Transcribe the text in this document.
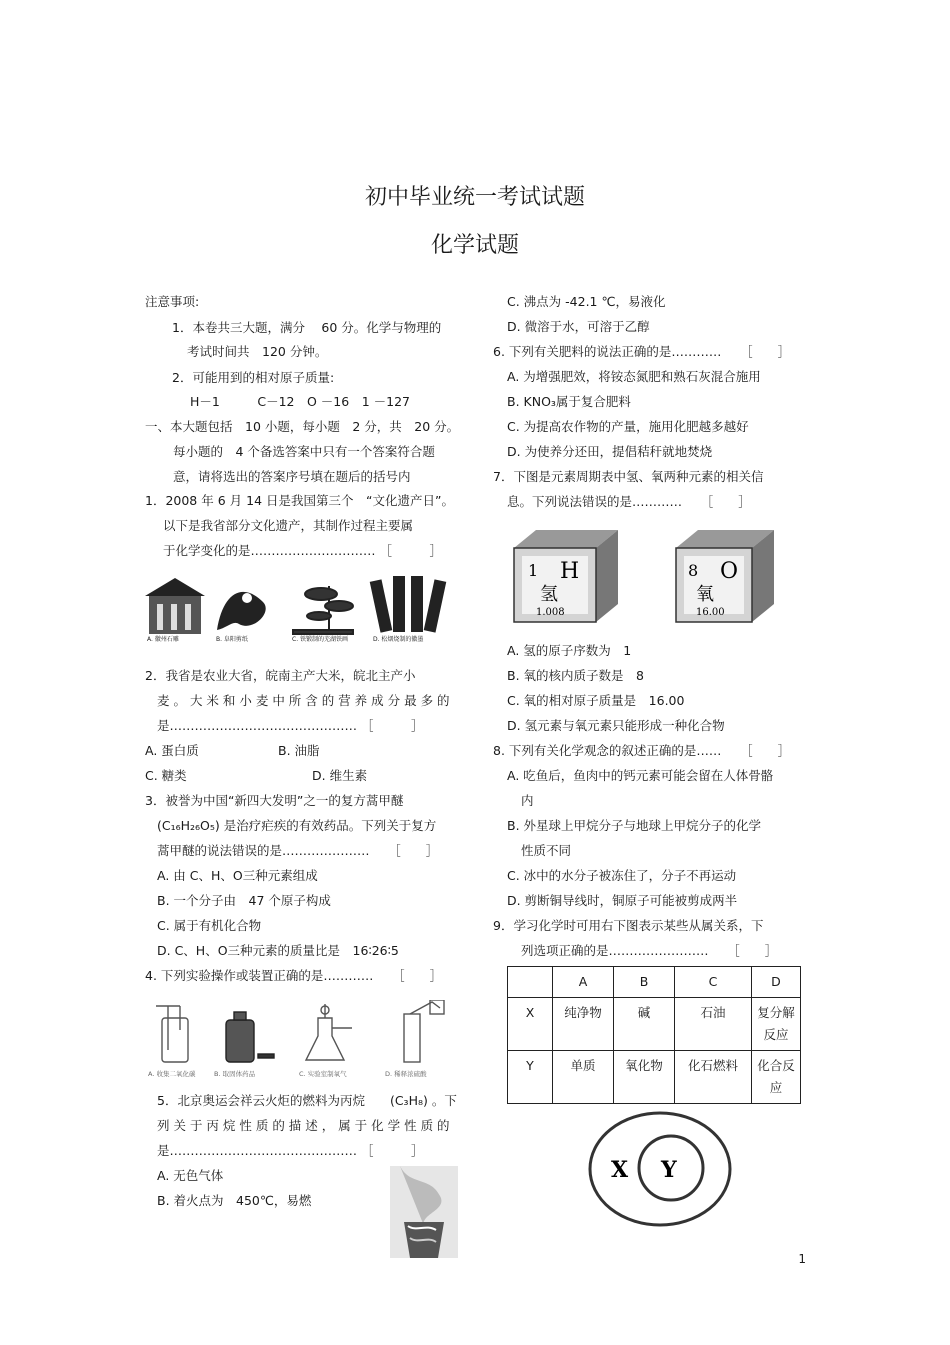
初中毕业统一考试试题
化学试题
注意事项:
1．本卷共三大题，满分　 60 分。化学与物理的
考试时间共　120 分钟。
2．可能用到的相对原子质量:
H－1　　　C－12　O －16　1 －127
一、本大题包括　10 小题，每小题　2 分，共　20 分。
每小题的　4 个备选答案中只有一个答案符合题
意，请将选出的答案序号填在题后的括号内
1．2008 年 6 月 14 日是我国第三个　“文化遗产日”。
以下是我省部分文化遗产，其制作过程主要属
于化学变化的是………………………… ［　　　］
A. 徽州石雕	B. 阜阳剪纸	C. 铁锻制的芜湖铁画	D. 松烟烧制的徽墨
2．我省是农业大省，皖南主产大米，皖北主产小
麦 。 大 米 和 小 麦 中 所 含 的 营 养 成 分 最 多 的
是……………………………………… ［　　　］
A. 蛋白质	B. 油脂
C. 糖类	D. 维生素
3．被誉为中国“新四大发明”之一的复方蒿甲醚
(C₁₆H₂₆O₅) 是治疗疟疾的有效药品。下列关于复方
蒿甲醚的说法错误的是…………………　　［　　］
A. 由 C、H、O三种元素组成
B. 一个分子由　47 个原子构成
C. 属于有机化合物
D. C、H、O三种元素的质量比是　16∶26∶5
4. 下列实验操作或装置正确的是…………　　［　　］
A. 收集二氧化碳	B. 取固体药品	C. 实验室制氧气	D. 稀释浓硫酸
5．北京奥运会祥云火炬的燃料为丙烷　　(C₃H₈) 。下
列 关 于 丙 烷 性 质 的 描 述 ， 属 于 化 学 性 质 的
是……………………………………… ［　　　］
A. 无色气体
B. 着火点为　450℃，易燃
C. 沸点为 -42.1 ℃，易液化
D. 微溶于水，可溶于乙醇
6. 下列有关肥料的说法正确的是…………　　［　　］
A. 为增强肥效，将铵态氮肥和熟石灰混合施用
B. KNO₃属于复合肥料
C. 为提高农作物的产量，施用化肥越多越好
D. 为使养分还田，提倡秸秆就地焚烧
7．下图是元素周期表中氢、氧两种元素的相关信
息。下列说法错误的是…………　　［　　］
1 H
氢
1.008
8 O
氧
16.00
A. 氢的原子序数为　1
B. 氧的核内质子数是　8
C. 氧的相对原子质量是　16.00
D. 氢元素与氧元素只能形成一种化合物
8. 下列有关化学观念的叙述正确的是……　　［　　］
A. 吃鱼后，鱼肉中的钙元素可能会留在人体骨骼
内
B. 外星球上甲烷分子与地球上甲烷分子的化学
性质不同
C. 冰中的水分子被冻住了，分子不再运动
D. 剪断铜导线时，铜原子可能被剪成两半
9．学习化学时可用右下图表示某些从属关系，下
列选项正确的是……………………　　［　　］
	A	B	C	D
X	纯净物	碱	石油	复分解反应
Y	单质	氧化物	化石燃料	化合反应
X Y
1
